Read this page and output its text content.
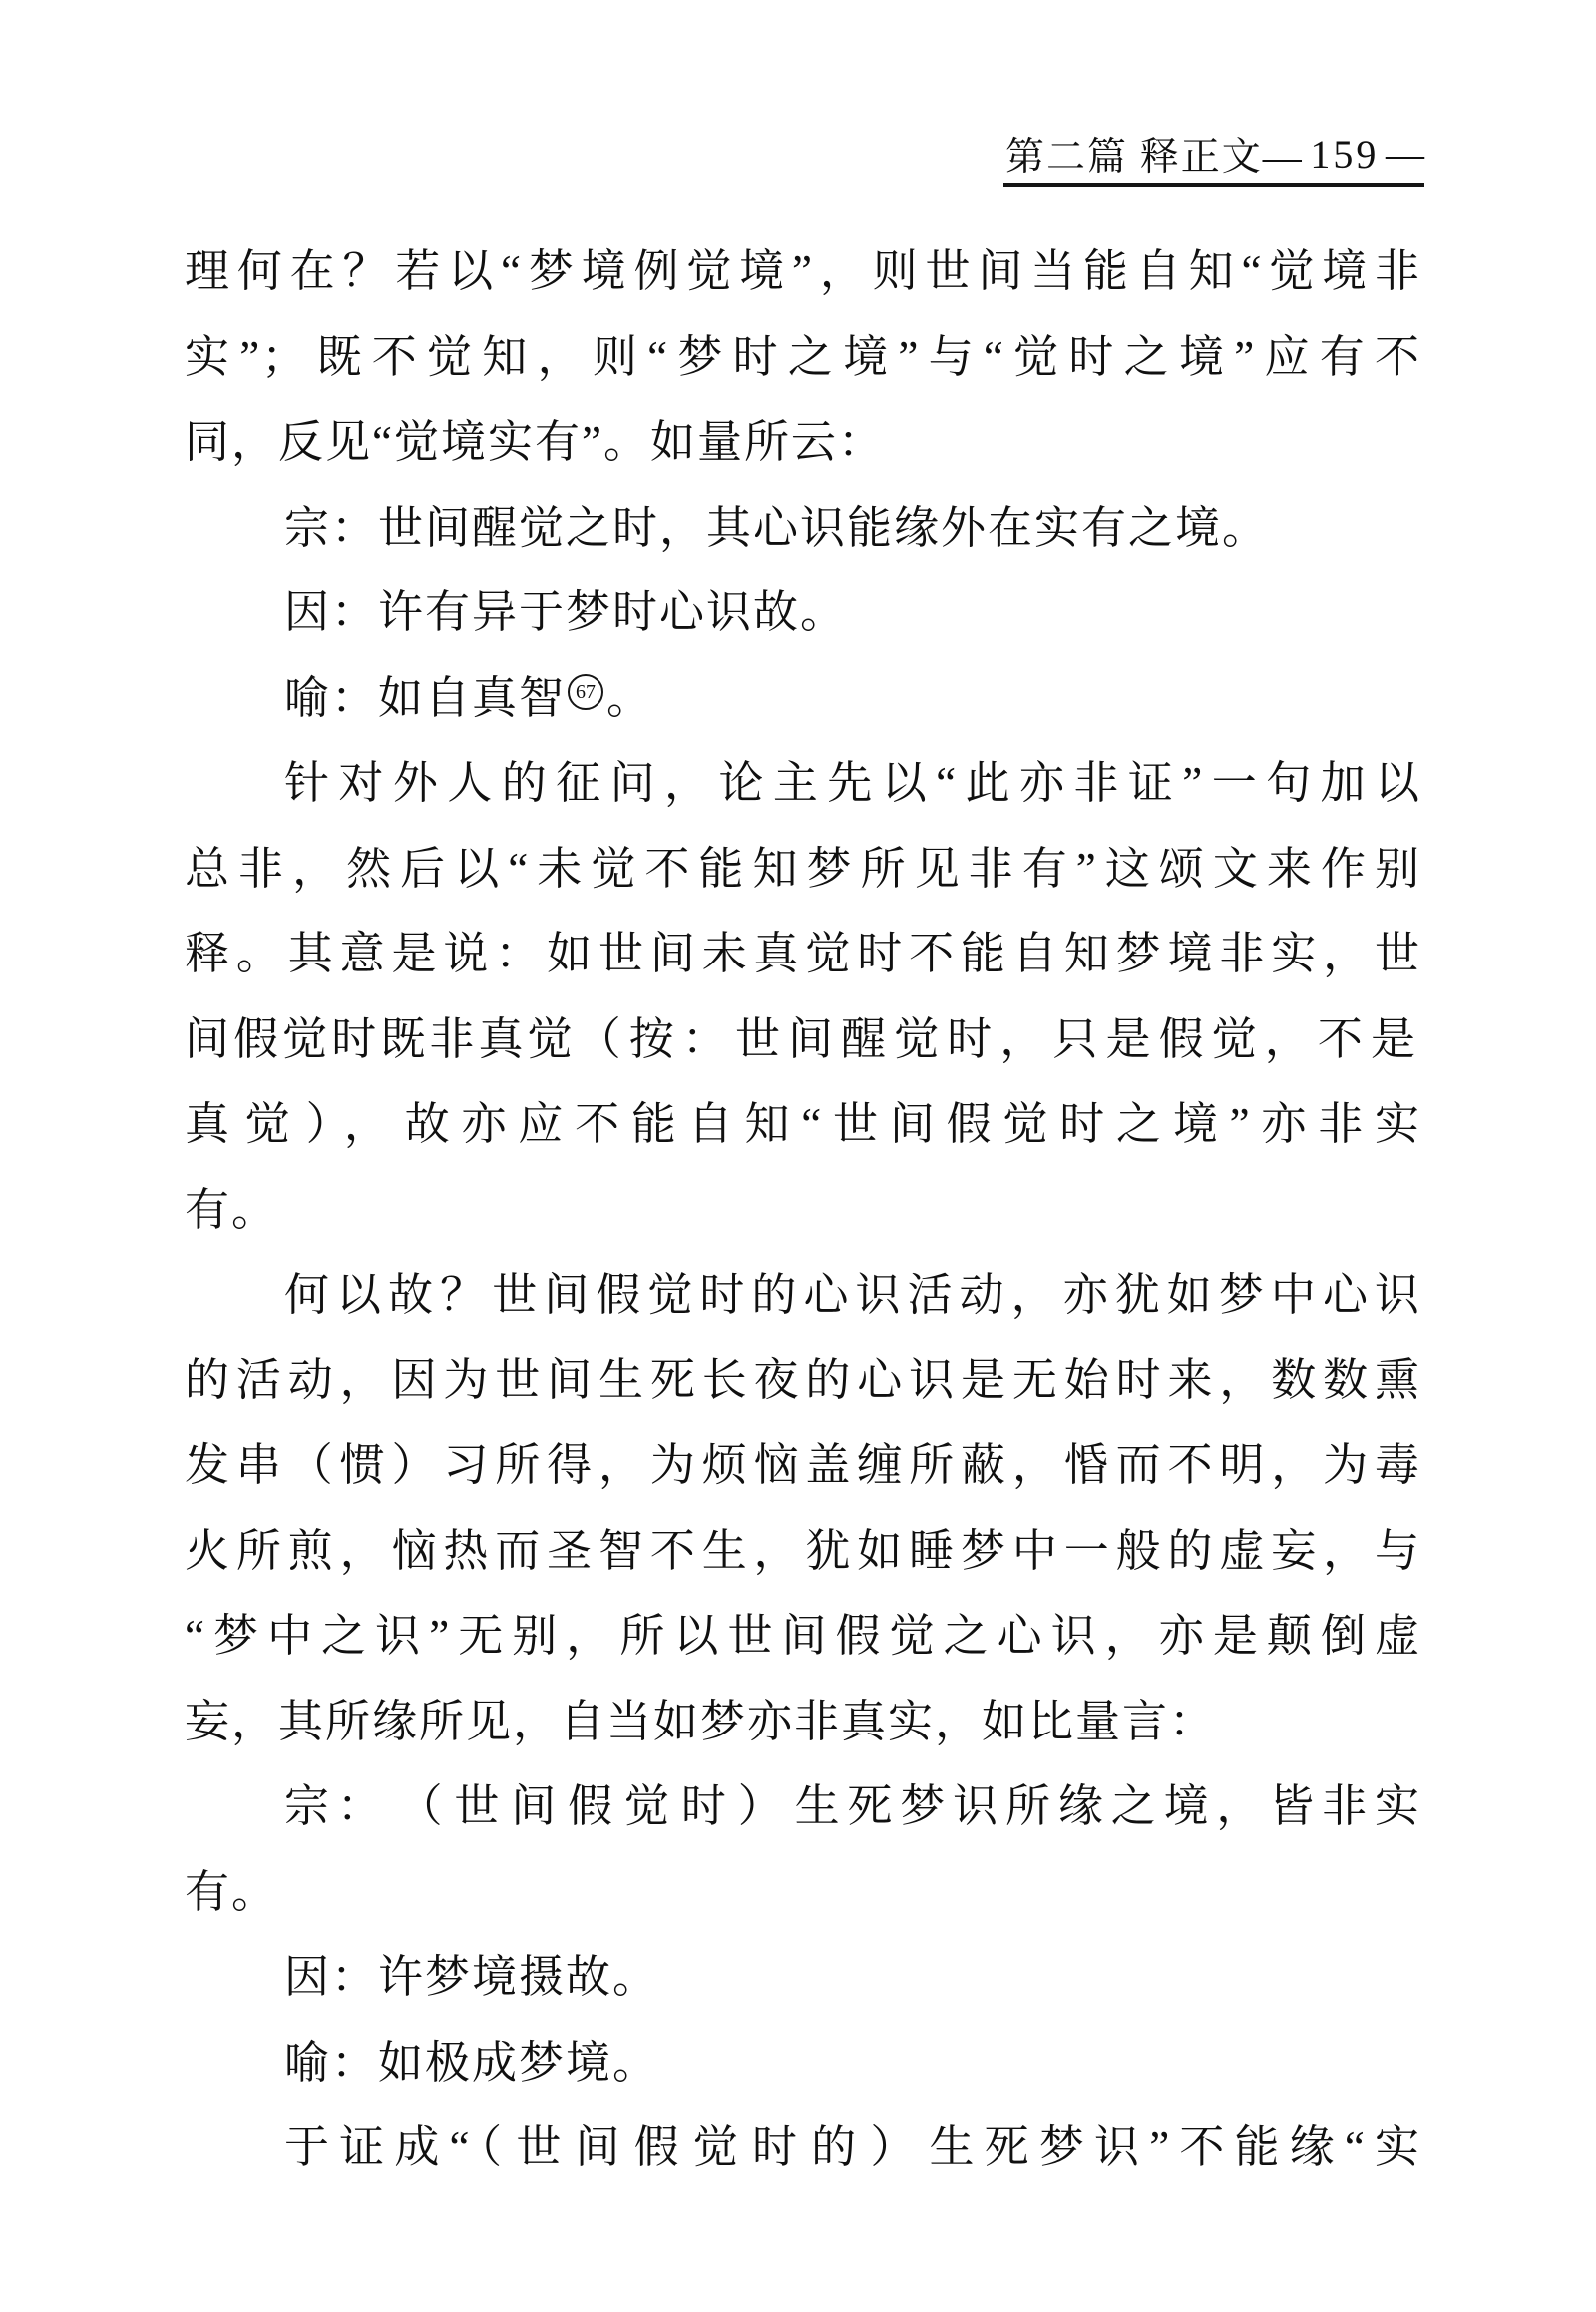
第二篇 释正文— 159 —
理何在？若以“梦境例觉境”，则世间当能自知“觉境非
实”；既不觉知，则“梦时之境”与“觉时之境”应有不
同，反见“觉境实有”。如量所云：
宗：世间醒觉之时，其心识能缘外在实有之境。
因：许有异于梦时心识故。
喻：如自真智 67 。
针对外人的征问，论主先以“此亦非证”一句加以
总非，然后以“未觉不能知梦所见非有”这颂文来作别
释。其意是说：如世间未真觉时不能自知梦境非实，世
间假觉时既非真觉（按：世间醒觉时，只是假觉，不是
真觉），故亦应不能自知“世间假觉时之境”亦非实
有。
何以故？世间假觉时的心识活动，亦犹如梦中心识
的活动，因为世间生死长夜的心识是无始时来，数数熏
发串（惯）习所得，为烦恼盖缠所蔽，惛而不明，为毒
火所煎，恼热而圣智不生，犹如睡梦中一般的虚妄，与
“梦中之识”无别，所以世间假觉之心识，亦是颠倒虚
妄，其所缘所见，自当如梦亦非真实，如比量言：
宗：　（世间假觉时）生死梦识所缘之境，皆非实
有。
因：许梦境摄故。
喻：如极成梦境。
于证成“（世间假觉时的）生死梦识”不能缘“实
